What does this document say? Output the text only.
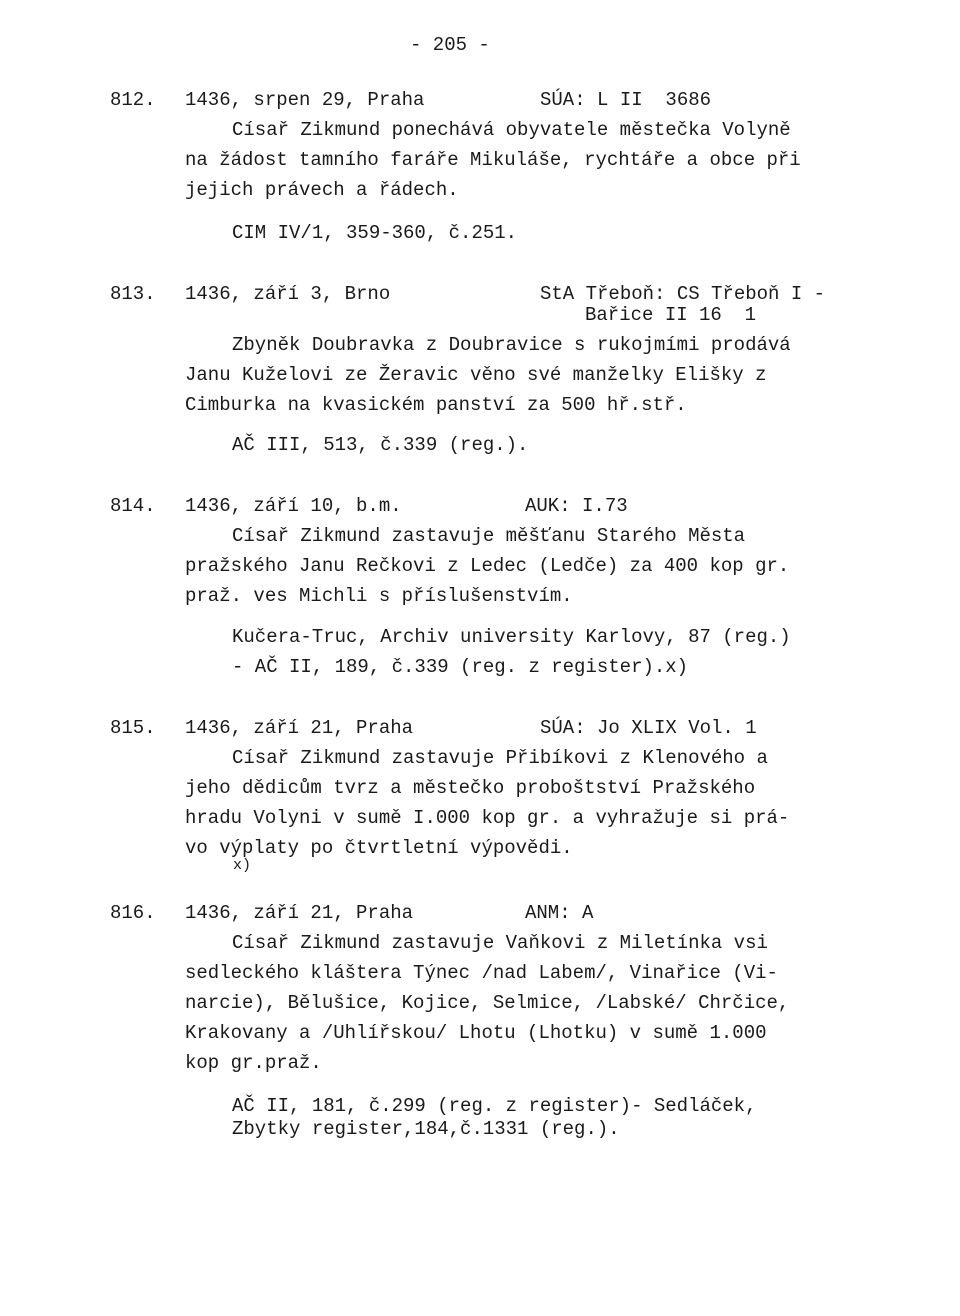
- 205 -
812. 1436, srpen 29, Praha	SÚA: L II  3686
Císař Zikmund ponechává obyvatele městečka Volyně
na žádost tamního faráře Mikuláše, rychtáře a obce při
jejich právech a řádech.
CIM IV/1, 359-360, č.251.
813. 1436, září 3, Brno	StA Třeboň: CS Třeboň I -
Bařice II 16  1
Zbyněk Doubravka z Doubravice s rukojmími prodává
Janu Kuželovi ze Žeravic věno své manželky Elišky z
Cimburka na kvasickém panství za 500 hř.stř.
AČ III, 513, č.339 (reg.).
814. 1436, září 10, b.m.	AUK: I.73
Císař Zikmund zastavuje měšťanu Starého Města
pražského Janu Rečkovi z Ledec (Ledče) za 400 kop gr.
praž. ves Michli s příslušenstvím.
Kučera-Truc, Archiv university Karlovy, 87 (reg.)
- AČ II, 189, č.339 (reg. z register).x)
815. 1436, září 21, Praha	SÚA: Jo XLIX Vol. 1
Císař Zikmund zastavuje Přibíkovi z Klenového a
jeho dědicům tvrz a městečko proboštství Pražského
hradu Volyni v sumě I.000 kop gr. a vyhražuje si prá-
vo výplaty po čtvrtletní výpovědi.
x)
816. 1436, září 21, Praha	ANM: A
Císař Zikmund zastavuje Vaňkovi z Miletínka vsi
sedleckého kláštera Týnec /nad Labem/, Vinařice (Vi-
narcie), Bělušice, Kojice, Selmice, /Labské/ Chrčice,
Krakovany a /Uhlířskou/ Lhotu (Lhotku) v sumě 1.000
kop gr.praž.
AČ II, 181, č.299 (reg. z register)- Sedláček,
Zbytky register,184,č.1331 (reg.).
